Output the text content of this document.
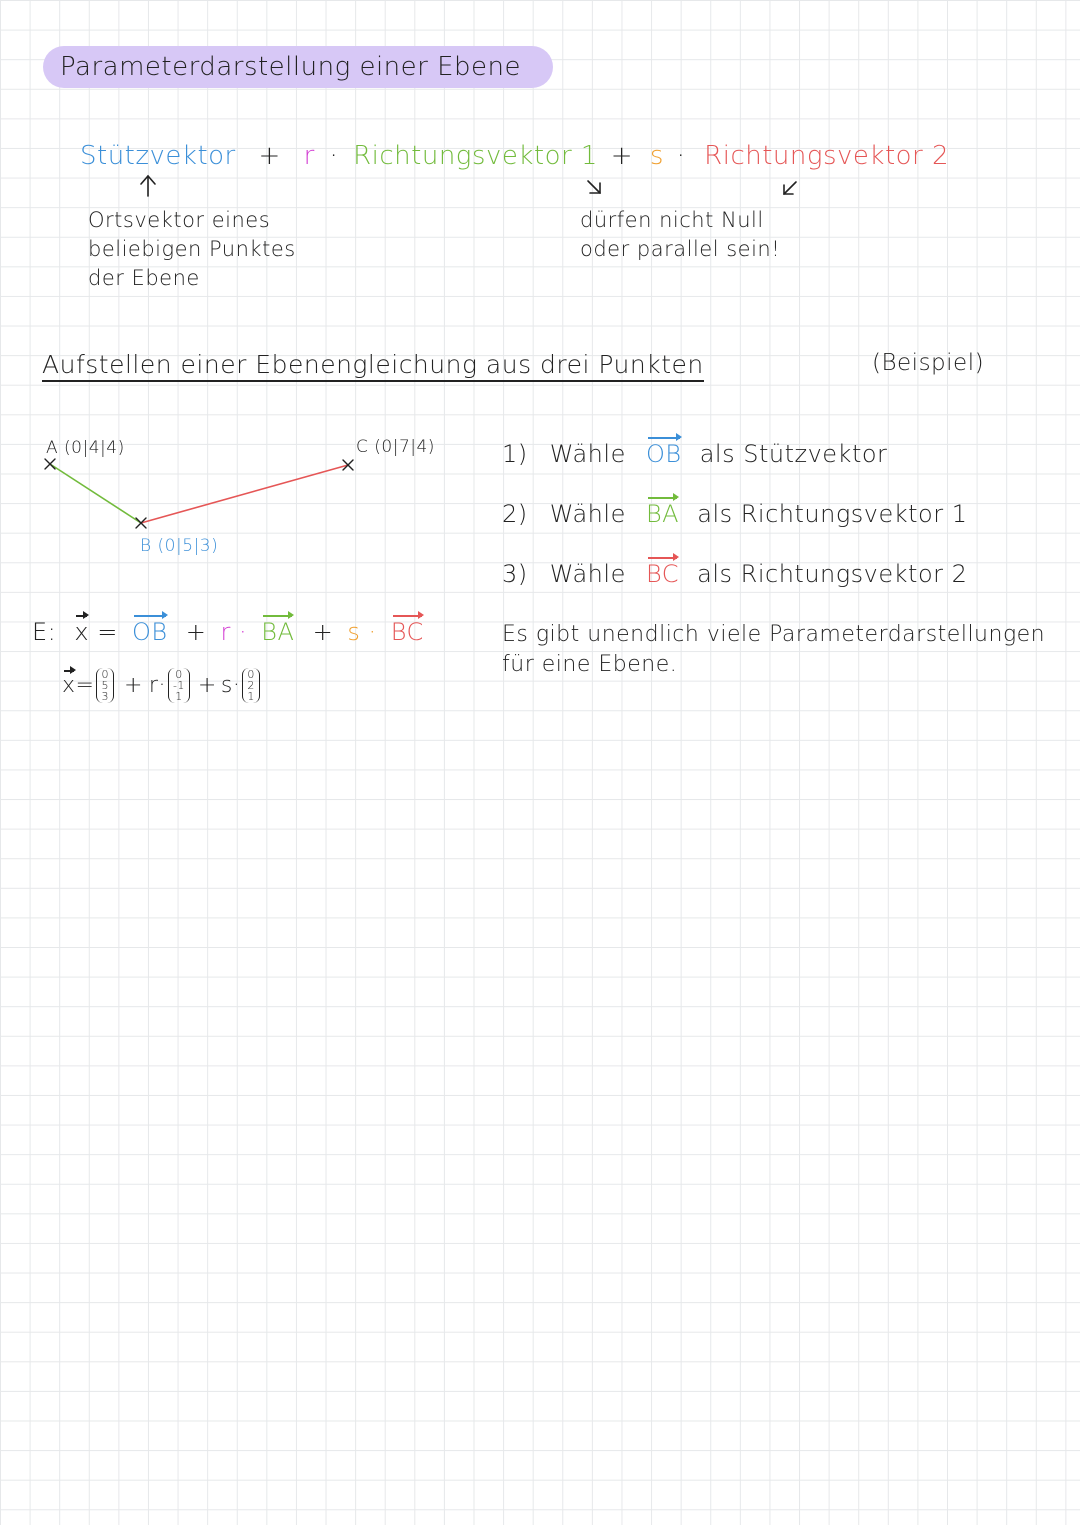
Parameterdarstellung einer Ebene
Stützvektor + r · Richtungsvektor 1 + s · Richtungsvektor 2
Ortsvektor eines
beliebigen Punktes
der Ebene
dürfen nicht Null
oder parallel sein!
Aufstellen einer Ebenengleichung aus drei Punkten	(Beispiel)
A (0|4|4)
B (0|5|3)
C (0|7|4)	1) Wähle OB als Stützvektor
2) Wähle BA als Richtungsvektor 1
3) Wähle BC als Richtungsvektor 2
Es gibt unendlich viele Parameterdarstellungen
für eine Ebene.
E: x = OB + r · BA + s · BC
x = 0
5
3 + r · 0
-1
1 + s · 0
2
1
